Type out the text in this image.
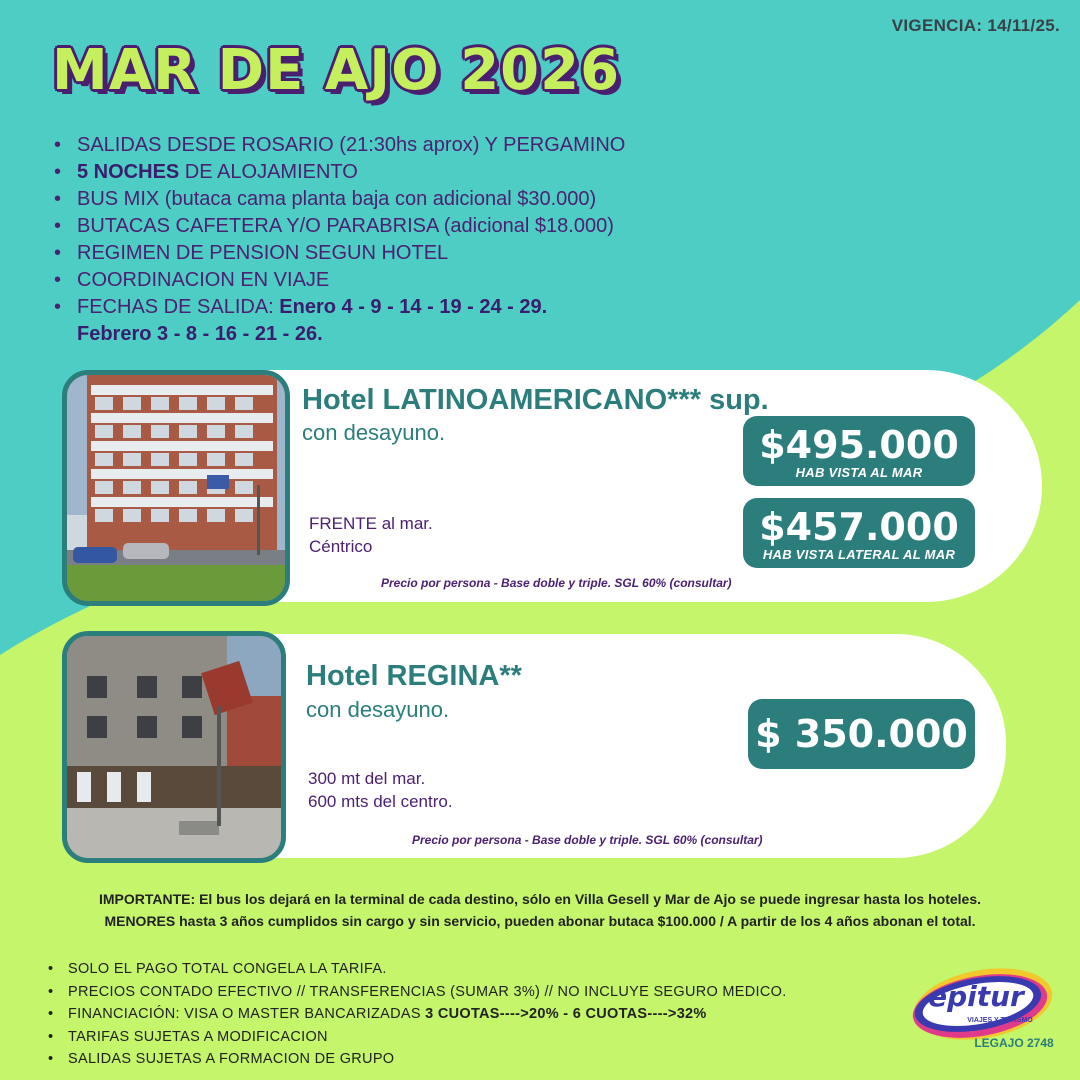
VIGENCIA: 14/11/25.
MAR DE AJO 2026
• SALIDAS DESDE ROSARIO (21:30hs aprox) Y PERGAMINO
• 5 NOCHES DE ALOJAMIENTO
• BUS MIX (butaca cama planta baja con adicional $30.000)
• BUTACAS CAFETERA Y/O PARABRISA (adicional $18.000)
• REGIMEN DE PENSION SEGUN HOTEL
• COORDINACION EN VIAJE
• FECHAS DE SALIDA: Enero 4 - 9 - 14 - 19 - 24 - 29.
Febrero 3 - 8 - 16 - 21 - 26.
Hotel LATINOAMERICANO*** sup.
con desayuno.
FRENTE al mar.
Céntrico
$495.000
HAB VISTA AL MAR
$457.000
HAB VISTA LATERAL AL MAR
Precio por persona - Base doble y triple. SGL 60% (consultar)
Hotel REGINA**
con desayuno.
300 mt del mar.
600 mts del centro.
$ 350.000
Precio por persona - Base doble y triple. SGL 60% (consultar)
IMPORTANTE: El bus los dejará en la terminal de cada destino, sólo en Villa Gesell y Mar de Ajo se puede ingresar hasta los hoteles.
MENORES hasta 3 años cumplidos sin cargo y sin servicio, pueden abonar butaca $100.000 / A partir de los 4 años abonan el total.
• SOLO EL PAGO TOTAL CONGELA LA TARIFA.
• PRECIOS CONTADO EFECTIVO // TRANSFERENCIAS (SUMAR 3%) // NO INCLUYE SEGURO MEDICO.
• FINANCIACIÓN: VISA O MASTER BANCARIZADAS 3 CUOTAS---->20% - 6 CUOTAS---->32%
• TARIFAS SUJETAS A MODIFICACION
• SALIDAS SUJETAS A FORMACION DE GRUPO
epitur
VIAJES Y TURISMO
LEGAJO 2748
